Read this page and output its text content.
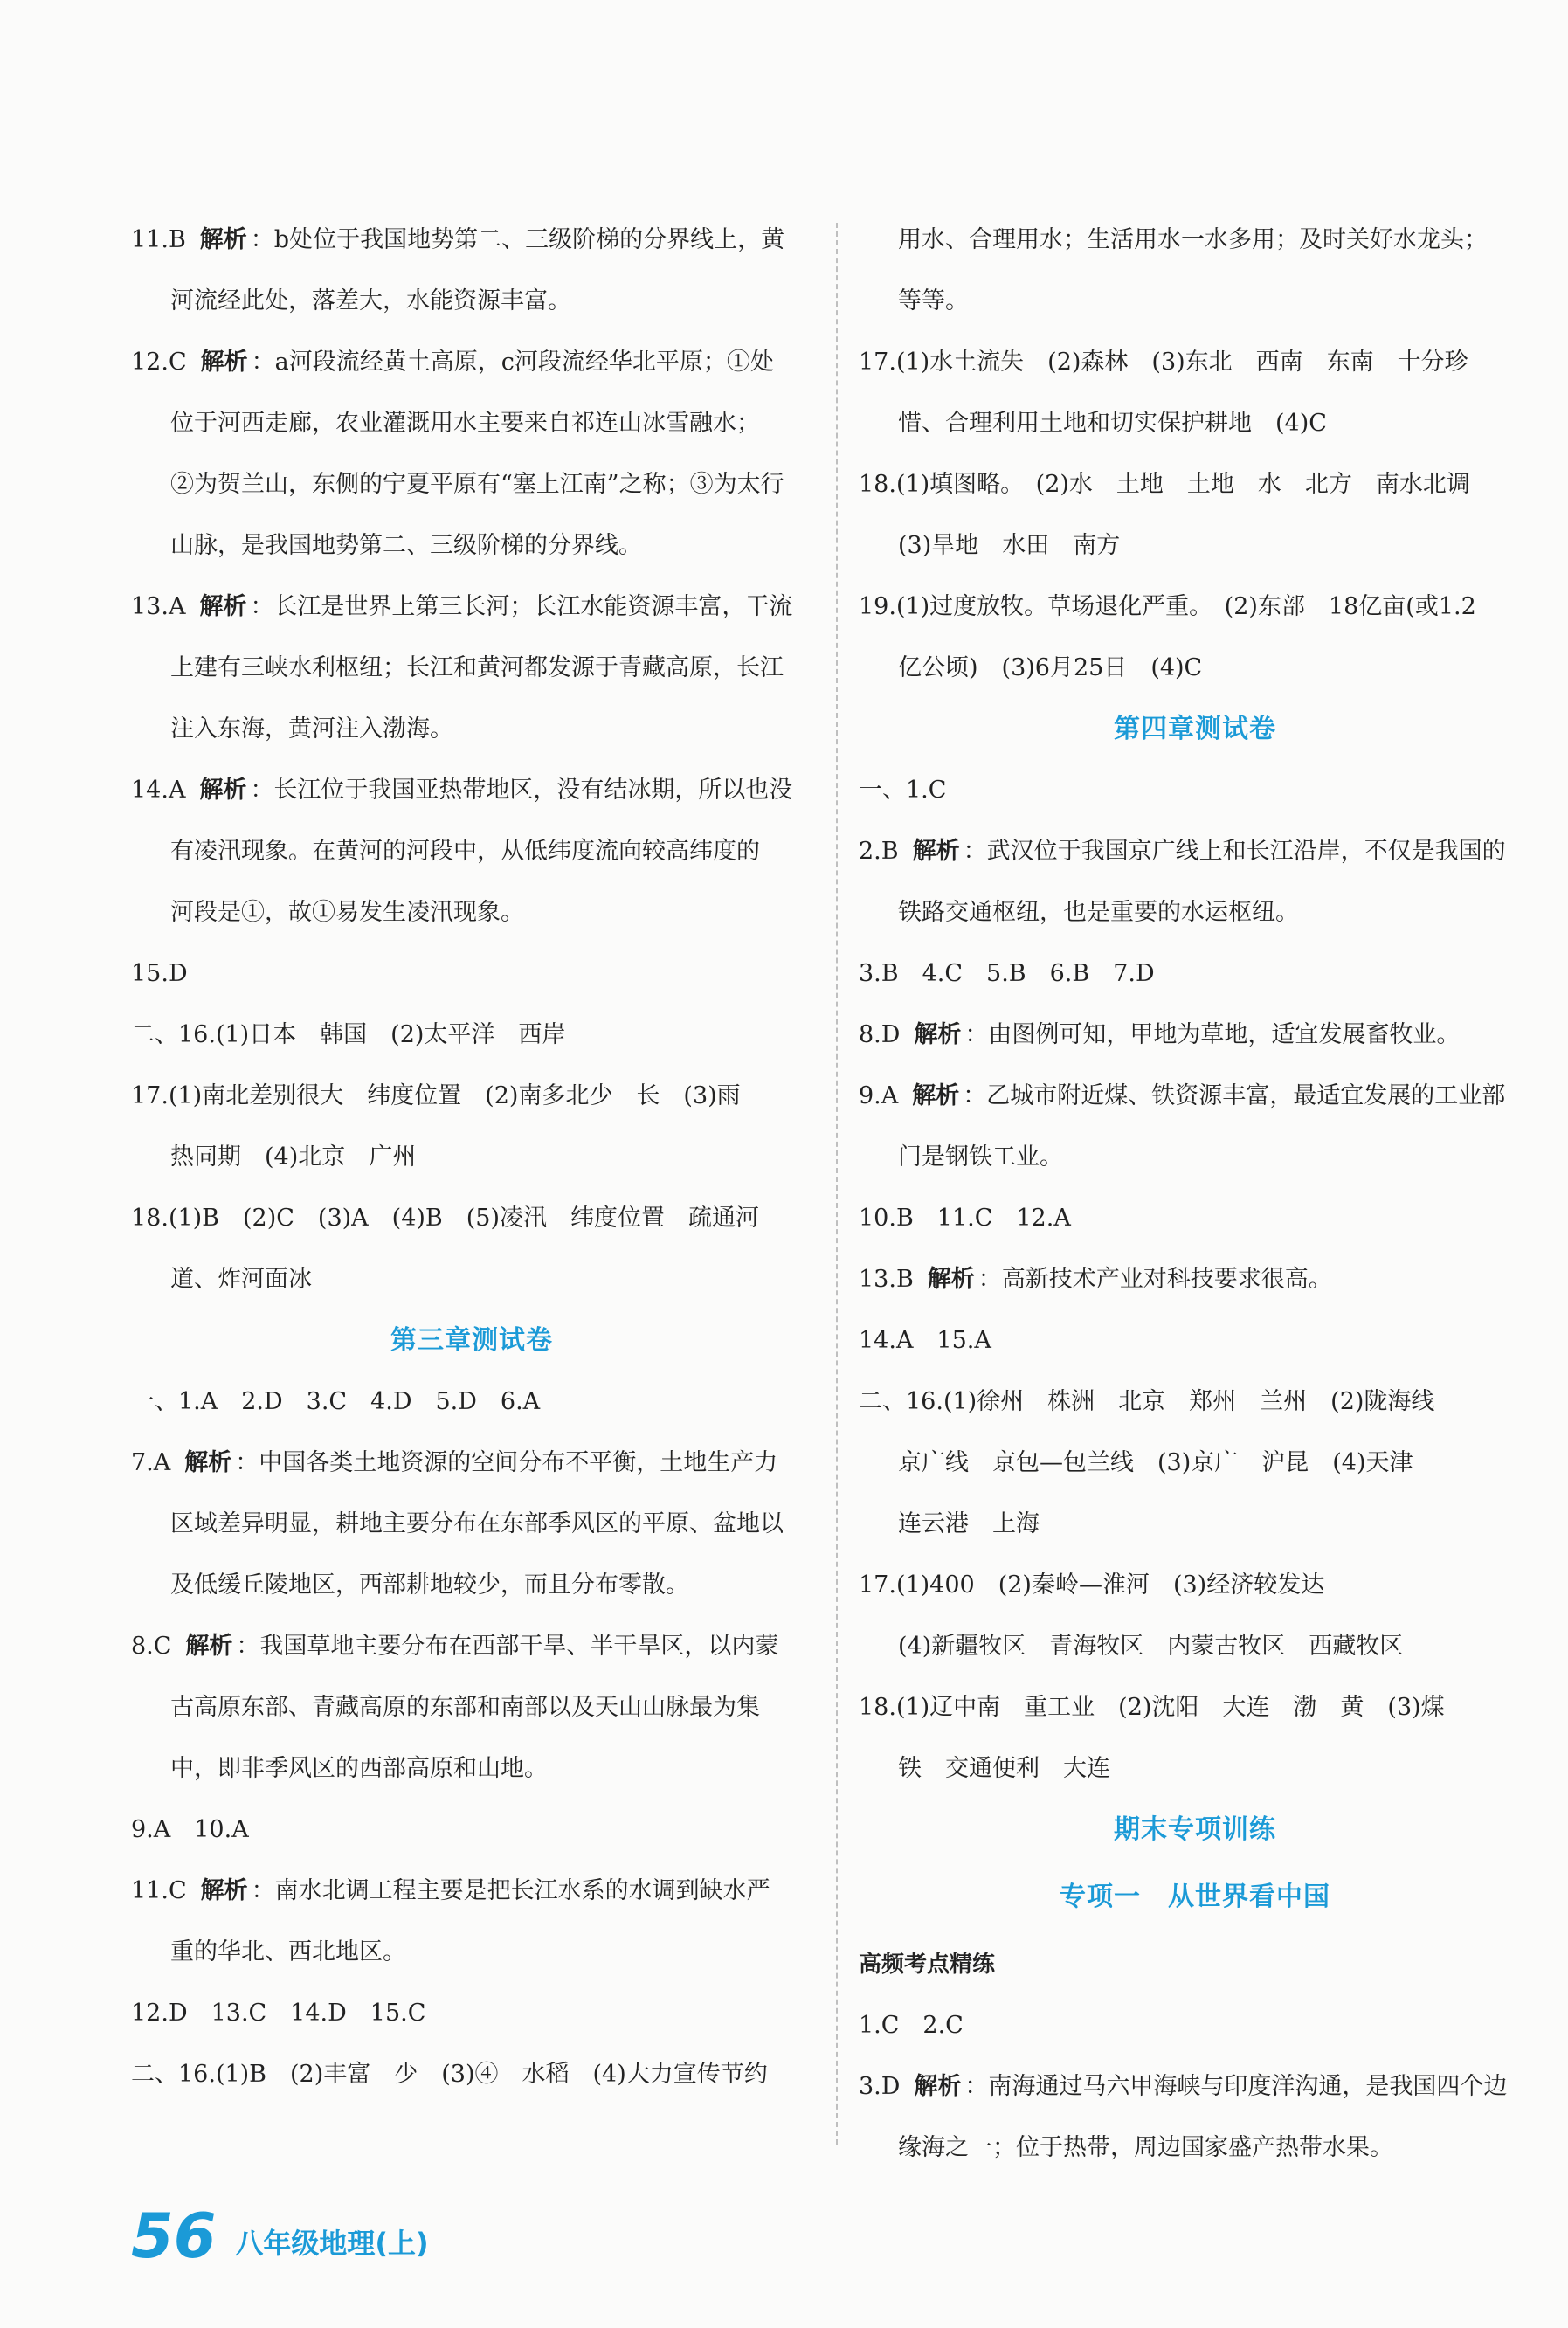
11.B 解析 ：b处位于我国地势第二、三级阶梯的分界线上，黄
河流经此处，落差大，水能资源丰富。
12.C 解析 ：a河段流经黄土高原，c河段流经华北平原；①处
位于河西走廊，农业灌溉用水主要来自祁连山冰雪融水；
②为贺兰山，东侧的宁夏平原有“塞上江南”之称；③为太行
山脉，是我国地势第二、三级阶梯的分界线。
13.A 解析 ：长江是世界上第三长河；长江水能资源丰富，干流
上建有三峡水利枢纽；长江和黄河都发源于青藏高原，长江
注入东海，黄河注入渤海。
14.A 解析 ：长江位于我国亚热带地区，没有结冰期，所以也没
有凌汛现象。在黄河的河段中，从低纬度流向较高纬度的
河段是①，故①易发生凌汛现象。
15.D
二、16.(1)日本　韩国　(2)太平洋　西岸
17.(1)南北差别很大　纬度位置　(2)南多北少　长　(3)雨
热同期　(4)北京　广州
18.(1)B　(2)C　(3)A　(4)B　(5)凌汛　纬度位置　疏通河
道、炸河面冰
第三章测试卷
一、1.A　2.D　3.C　4.D　5.D　6.A
7.A 解析 ：中国各类土地资源的空间分布不平衡，土地生产力
区域差异明显，耕地主要分布在东部季风区的平原、盆地以
及低缓丘陵地区，西部耕地较少，而且分布零散。
8.C 解析 ：我国草地主要分布在西部干旱、半干旱区，以内蒙
古高原东部、青藏高原的东部和南部以及天山山脉最为集
中，即非季风区的西部高原和山地。
9.A　10.A
11.C 解析 ：南水北调工程主要是把长江水系的水调到缺水严
重的华北、西北地区。
12.D　13.C　14.D　15.C
二、16.(1)B　(2)丰富　少　(3)④　水稻　(4)大力宣传节约
用水、合理用水；生活用水一水多用；及时关好水龙头；
等等。
17.(1)水土流失　(2)森林　(3)东北　西南　东南　十分珍
惜、合理利用土地和切实保护耕地　(4)C
18.(1)填图略。　(2)水　土地　土地　水　北方　南水北调
(3)旱地　水田　南方
19.(1)过度放牧。草场退化严重。　(2)东部　18亿亩(或1.2
亿公顷)　(3)6月25日　(4)C
第四章测试卷
一、1.C
2.B 解析 ：武汉位于我国京广线上和长江沿岸，不仅是我国的
铁路交通枢纽，也是重要的水运枢纽。
3.B　4.C　5.B　6.B　7.D
8.D 解析 ：由图例可知，甲地为草地，适宜发展畜牧业。
9.A 解析 ：乙城市附近煤、铁资源丰富，最适宜发展的工业部
门是钢铁工业。
10.B　11.C　12.A
13.B 解析 ：高新技术产业对科技要求很高。
14.A　15.A
二、16.(1)徐州　株洲　北京　郑州　兰州　(2)陇海线
京广线　京包—包兰线　(3)京广　沪昆　(4)天津
连云港　上海
17.(1)400　(2)秦岭—淮河　(3)经济较发达
(4)新疆牧区　青海牧区　内蒙古牧区　西藏牧区
18.(1)辽中南　重工业　(2)沈阳　大连　渤　黄　(3)煤
铁　交通便利　大连
期末专项训练
专项一　从世界看中国
高频考点精练
1.C　2.C
3.D 解析 ：南海通过马六甲海峡与印度洋沟通，是我国四个边
缘海之一；位于热带，周边国家盛产热带水果。
56 八年级地理(上)
